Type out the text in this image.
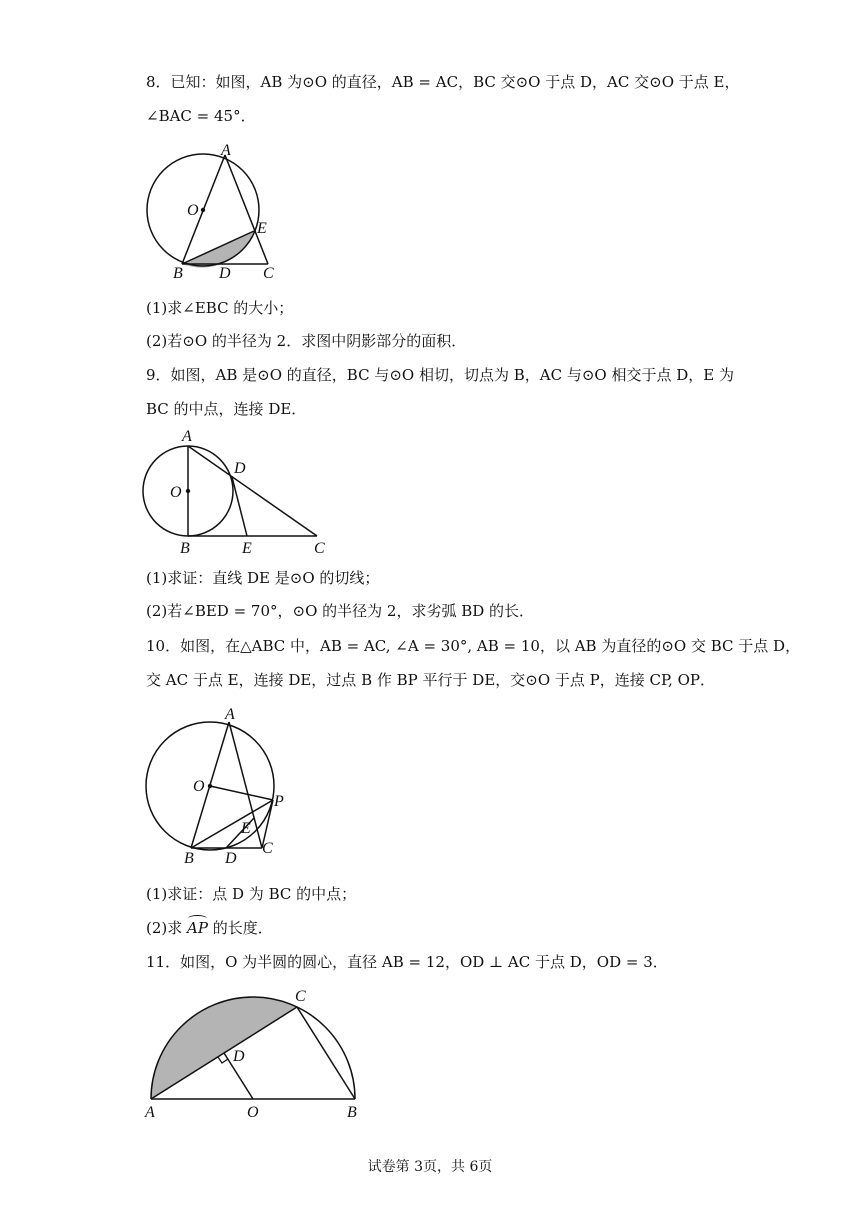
8．已知：如图，AB 为⊙O 的直径，AB = AC，BC 交⊙O 于点 D，AC 交⊙O 于点 E，
∠BAC = 45°．
A
O
E
B D C
(1)求∠EBC 的大小；
(2)若⊙O 的半径为 2．求图中阴影部分的面积．
9．如图，AB 是⊙O 的直径，BC 与⊙O 相切，切点为 B，AC 与⊙O 相交于点 D，E 为
BC 的中点，连接 DE．
A
D
O
B	E	C
(1)求证：直线 DE 是⊙O 的切线；
(2)若∠BED = 70°，⊙O 的半径为 2，求劣弧 BD 的长．
10．如图，在△ABC 中，AB = AC, ∠A = 30°, AB = 10，以 AB 为直径的⊙O 交 BC 于点 D，
交 AC 于点 E，连接 DE，过点 B 作 BP 平行于 DE，交⊙O 于点 P，连接 CP, OP．
A
O
P
E
B D
C
(1)求证：点 D 为 BC 的中点；
(2)求 AP 的长度．
11．如图，O 为半圆的圆心，直径 AB = 12，OD ⊥ AC 于点 D，OD = 3．
C
D
A	O	B
试卷第 3页，共 6页
